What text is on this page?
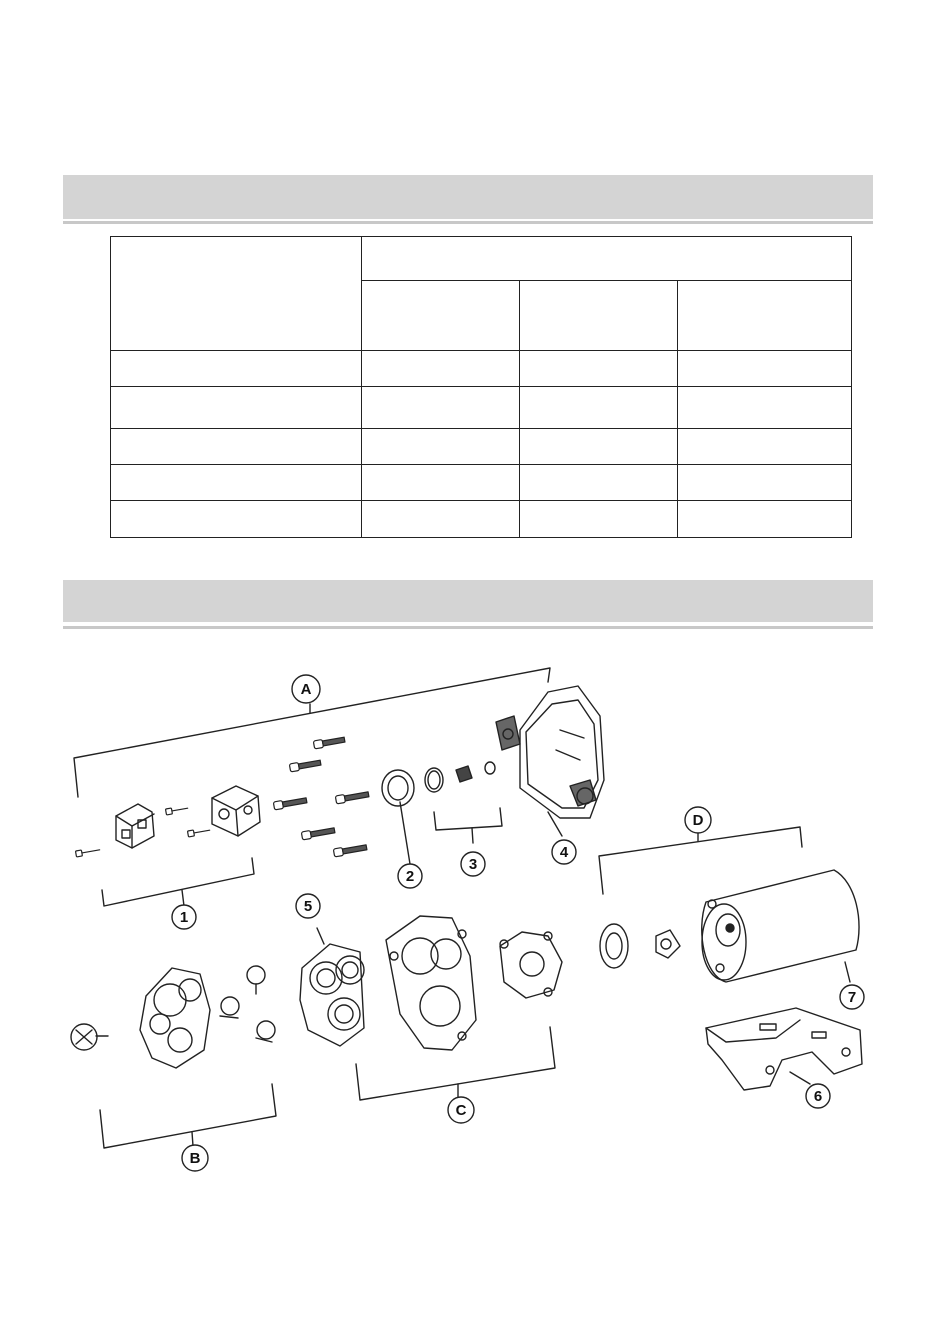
A
1
2
3
4
5
D
7
6
C
B
